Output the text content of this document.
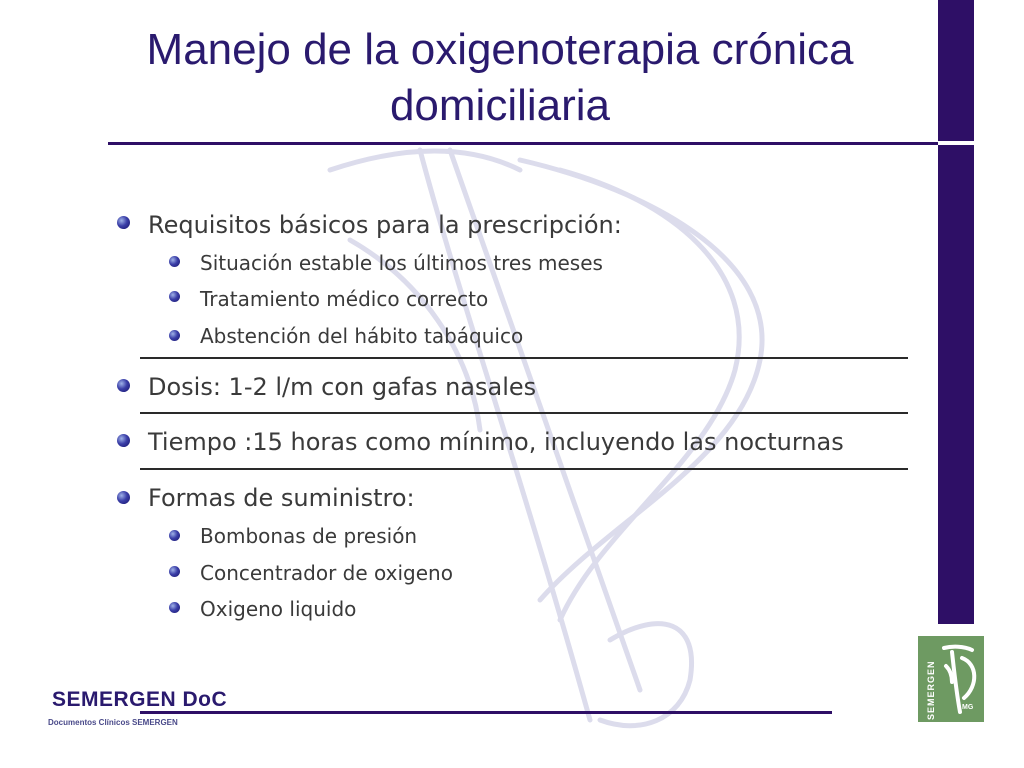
Manejo de la oxigenoterapia crónica domiciliaria
Requisitos básicos para la prescripción:
Situación estable los últimos tres meses
Tratamiento médico correcto
Abstención del hábito tabáquico
Dosis: 1-2 l/m con gafas nasales
Tiempo :15 horas como mínimo, incluyendo las nocturnas
Formas de suministro:
Bombonas de presión
Concentrador de oxigeno
Oxigeno liquido
SEMERGEN DoC
Documentos Clínicos SEMERGEN
SEMERGEN	MG
